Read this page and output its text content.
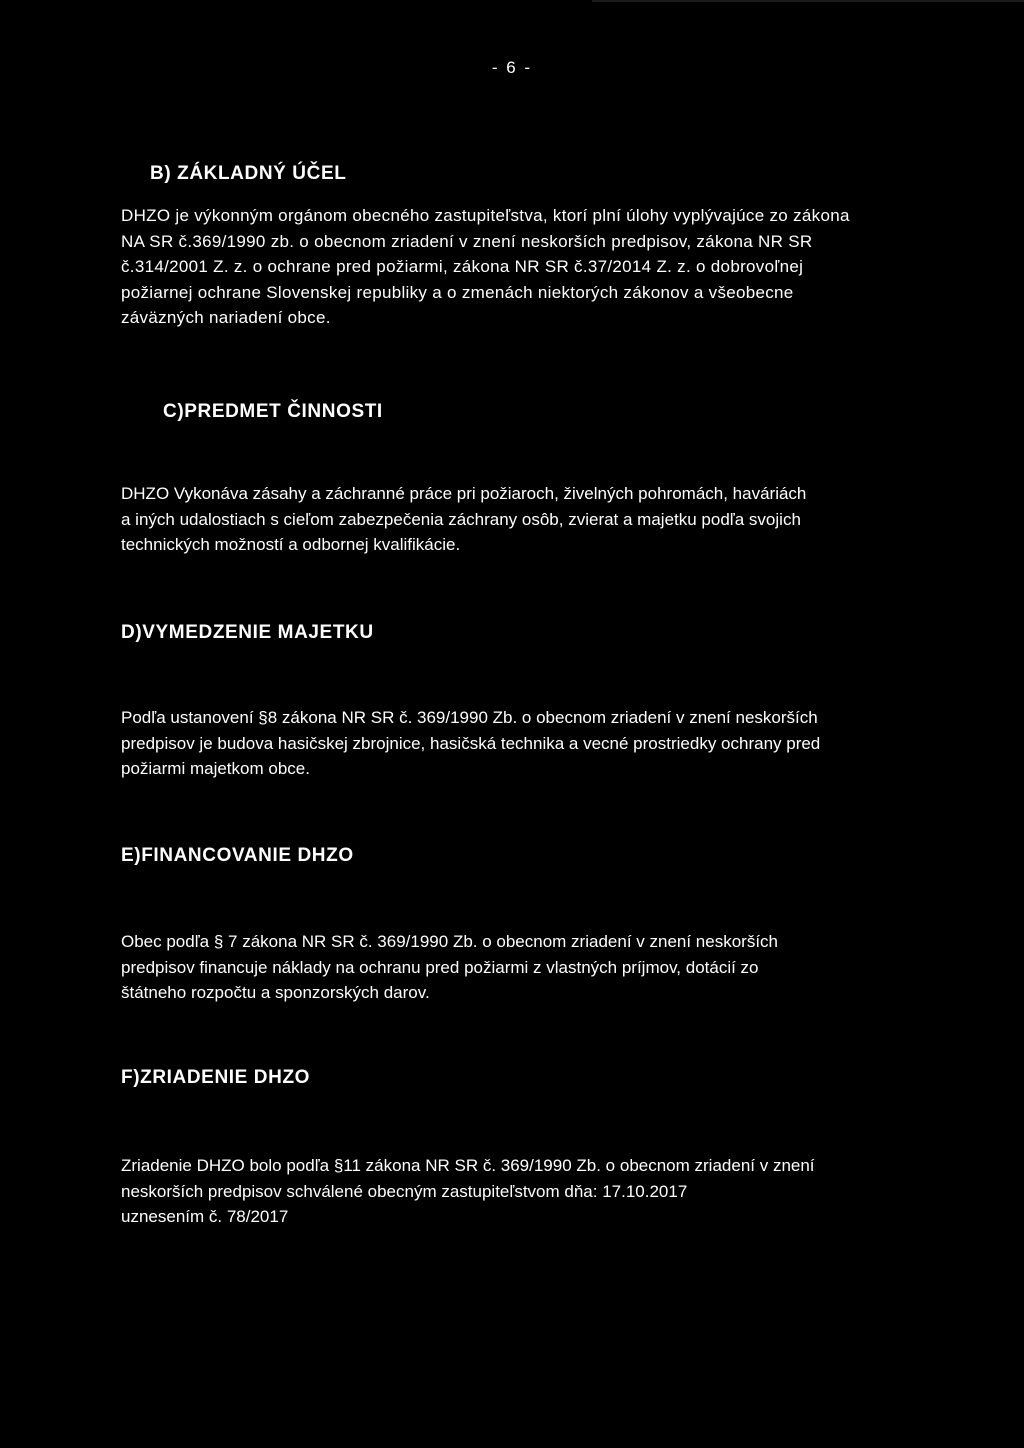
- 6 -
B) ZÁKLADNÝ ÚČEL
DHZO je výkonným orgánom obecného zastupiteľstva, ktorí plní úlohy vyplývajúce zo zákona
NA SR č.369/1990 zb. o obecnom zriadení v znení neskorších predpisov, zákona NR SR
č.314/2001 Z. z. o ochrane pred požiarmi, zákona NR SR č.37/2014 Z. z. o dobrovoľnej
požiarnej ochrane Slovenskej republiky a o zmenách niektorých zákonov a všeobecne
záväzných nariadení obce.
C)PREDMET ČINNOSTI
DHZO Vykonáva zásahy a záchranné práce pri požiaroch, živelných pohromách, haváriách
a iných udalostiach s cieľom zabezpečenia záchrany osôb, zvierat a majetku podľa svojich
technických možností a odbornej kvalifikácie.
D)VYMEDZENIE MAJETKU
Podľa ustanovení §8 zákona NR SR č. 369/1990 Zb. o obecnom zriadení v znení neskorších
predpisov je budova hasičskej zbrojnice, hasičská technika a vecné prostriedky ochrany pred
požiarmi majetkom obce.
E)FINANCOVANIE DHZO
Obec podľa § 7 zákona NR SR č. 369/1990 Zb. o obecnom zriadení v znení neskorších
predpisov financuje náklady na ochranu pred požiarmi z vlastných príjmov, dotácií zo
štátneho rozpočtu a sponzorských darov.
F)ZRIADENIE DHZO
Zriadenie DHZO bolo podľa §11 zákona NR SR č. 369/1990 Zb. o obecnom zriadení v znení
neskorších predpisov schválené obecným zastupiteľstvom dňa: 17.10.2017
uznesením č. 78/2017
